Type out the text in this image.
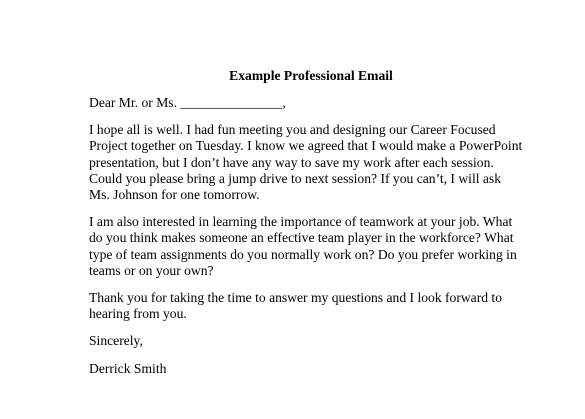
Example Professional Email
Dear Mr. or Ms. _______________,
I hope all is well. I had fun meeting you and designing our Career Focused Project together on Tuesday. I know we agreed that I would make a PowerPoint presentation, but I don’t have any way to save my work after each session. Could you please bring a jump drive to next session? If you can’t, I will ask Ms. Johnson for one tomorrow.
I am also interested in learning the importance of teamwork at your job. What do you think makes someone an effective team player in the workforce? What type of team assignments do you normally work on? Do you prefer working in teams or on your own?
Thank you for taking the time to answer my questions and I look forward to hearing from you.
Sincerely,
Derrick Smith
